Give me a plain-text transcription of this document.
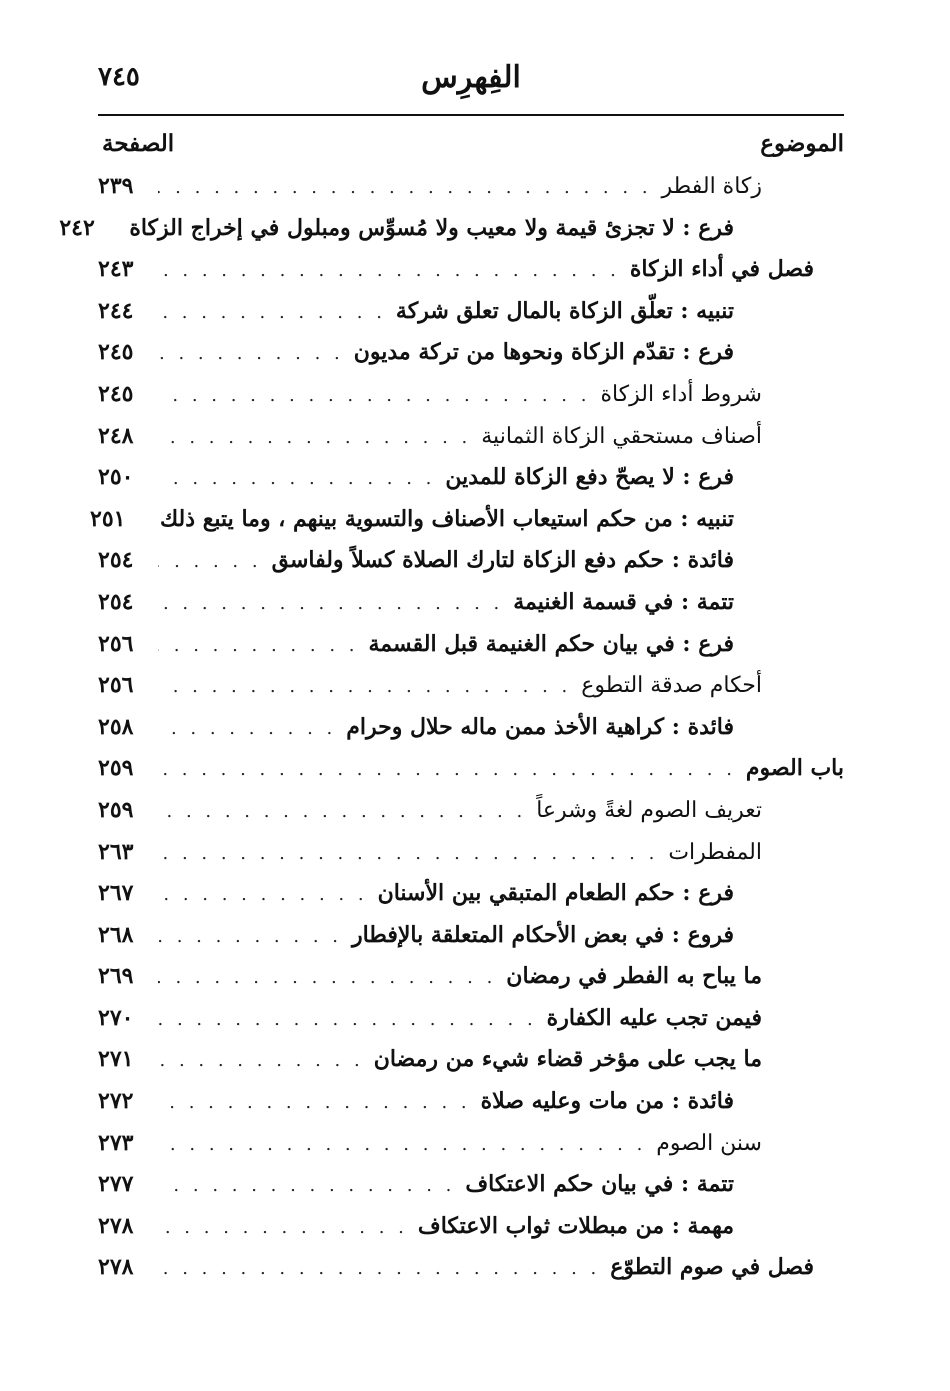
٧٤٥	الفِهرِس
الموضوع
الصفحة
زكاة الفطر
. . .
٢٣٩
فرع : لا تجزئ قيمة ولا معيب ولا مُسوِّس ومبلول في إخراج الزكاة
٢٤٢
فصل في أداء الزكاة
. . .
٢٤٣
تنبيه : تعلّق الزكاة بالمال تعلق شركة
. . .
٢٤٤
فرع : تقدّم الزكاة ونحوها من تركة مديون
. . .
٢٤٥
شروط أداء الزكاة
. . .
٢٤٥
أصناف مستحقي الزكاة الثمانية
. . .
٢٤٨
فرع : لا يصحّ دفع الزكاة للمدين
. . .
٢٥٠
تنبيه : من حكم استيعاب الأصناف والتسوية بينهم ، وما يتبع ذلك
٢٥١
فائدة : حكم دفع الزكاة لتارك الصلاة كسلاً ولفاسق
. . .
٢٥٤
تتمة : في قسمة الغنيمة
. . .
٢٥٤
فرع : في بيان حكم الغنيمة قبل القسمة
. . .
٢٥٦
أحكام صدقة التطوع
. . .
٢٥٦
فائدة : كراهية الأخذ ممن ماله حلال وحرام
. . .
٢٥٨
باب الصوم
. . .
٢٥٩
تعريف الصوم لغةً وشرعاً
. . .
٢٥٩
المفطرات
. . .
٢٦٣
فرع : حكم الطعام المتبقي بين الأسنان
. . .
٢٦٧
فروع : في بعض الأحكام المتعلقة بالإفطار
. . .
٢٦٨
ما يباح به الفطر في رمضان
. . .
٢٦٩
فيمن تجب عليه الكفارة
. . .
٢٧٠
ما يجب على مؤخر قضاء شيء من رمضان
. . .
٢٧١
فائدة : من مات وعليه صلاة
. . .
٢٧٢
سنن الصوم
. . .
٢٧٣
تتمة : في بيان حكم الاعتكاف
. . .
٢٧٧
مهمة : من مبطلات ثواب الاعتكاف
. . .
٢٧٨
فصل في صوم التطوّع
. . .
٢٧٨
